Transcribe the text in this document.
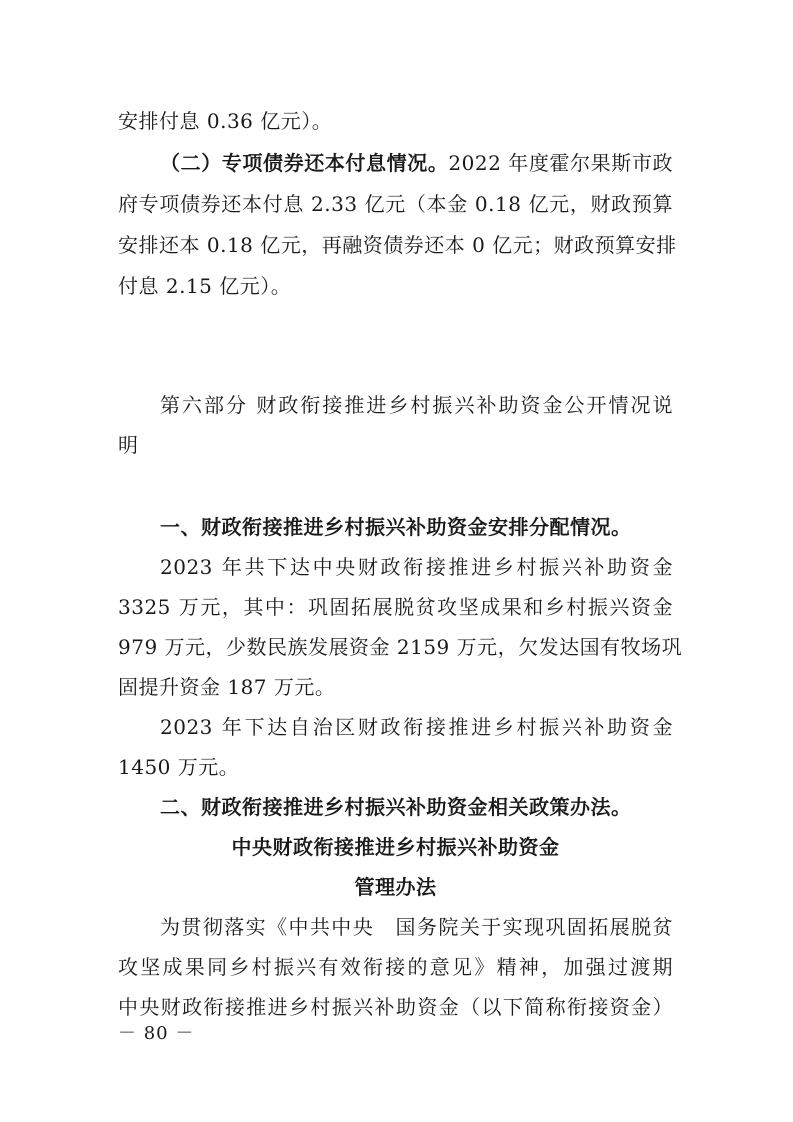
安排付息 0.36 亿元）。
（二）专项债券还本付息情况。2022 年度霍尔果斯市政
府专项债券还本付息 2.33 亿元（本金 0.18 亿元，财政预算
安排还本 0.18 亿元，再融资债券还本 0 亿元；财政预算安排
付息 2.15 亿元）。
第六部分 财政衔接推进乡村振兴补助资金公开情况说
明
一、财政衔接推进乡村振兴补助资金安排分配情况。
2023 年共下达中央财政衔接推进乡村振兴补助资金
3325 万元，其中：巩固拓展脱贫攻坚成果和乡村振兴资金
979 万元，少数民族发展资金 2159 万元，欠发达国有牧场巩
固提升资金 187 万元。
2023 年下达自治区财政衔接推进乡村振兴补助资金
1450 万元。
二、财政衔接推进乡村振兴补助资金相关政策办法。
中央财政衔接推进乡村振兴补助资金
管理办法
为贯彻落实《中共中央　国务院关于实现巩固拓展脱贫
攻坚成果同乡村振兴有效衔接的意见》精神，加强过渡期
中央财政衔接推进乡村振兴补助资金（以下简称衔接资金）
－ 80 －
